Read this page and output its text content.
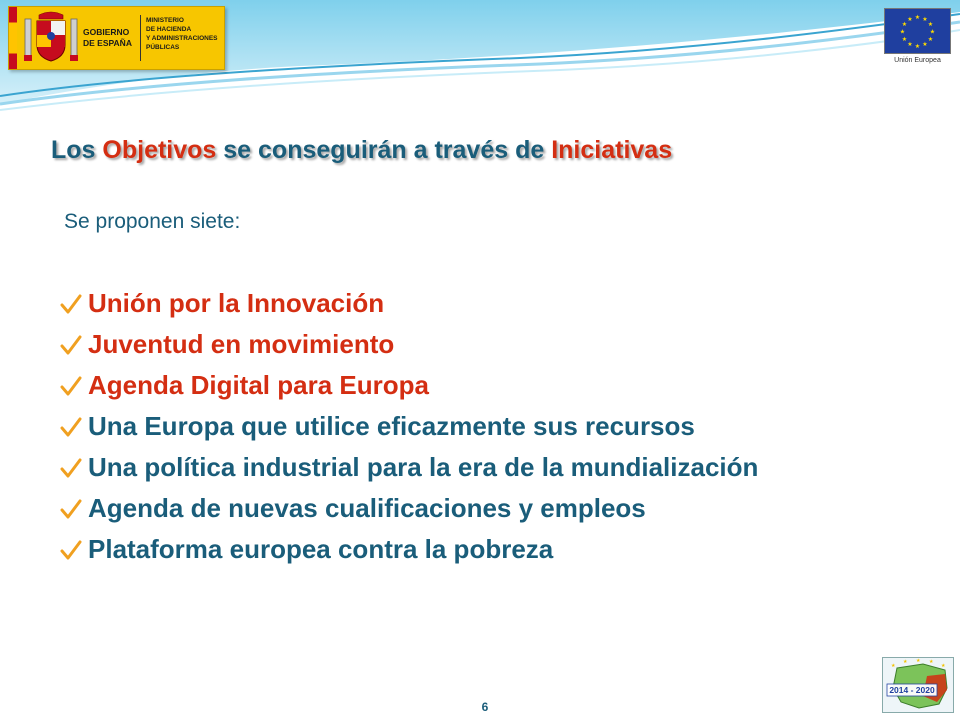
GOBIERNO DE ESPAÑA
MINISTERIO
DE HACIENDA
Y ADMINISTRACIONES
PÚBLICAS
★ ★
★
★
★
★
★
★
★
★
★
★
Unión Europea
Los Objetivos se conseguirán a través de Iniciativas

Se proponen siete:

Unión por la Innovación
Juventud en movimiento
Agenda Digital para Europa
Una Europa que utilice eficazmente sus recursos
Una política industrial para la era de la mundialización
Agenda de nuevas cualificaciones y empleos
Plataforma europea contra la pobreza
6
★
★ ★ ★
★
2014 - 2020
